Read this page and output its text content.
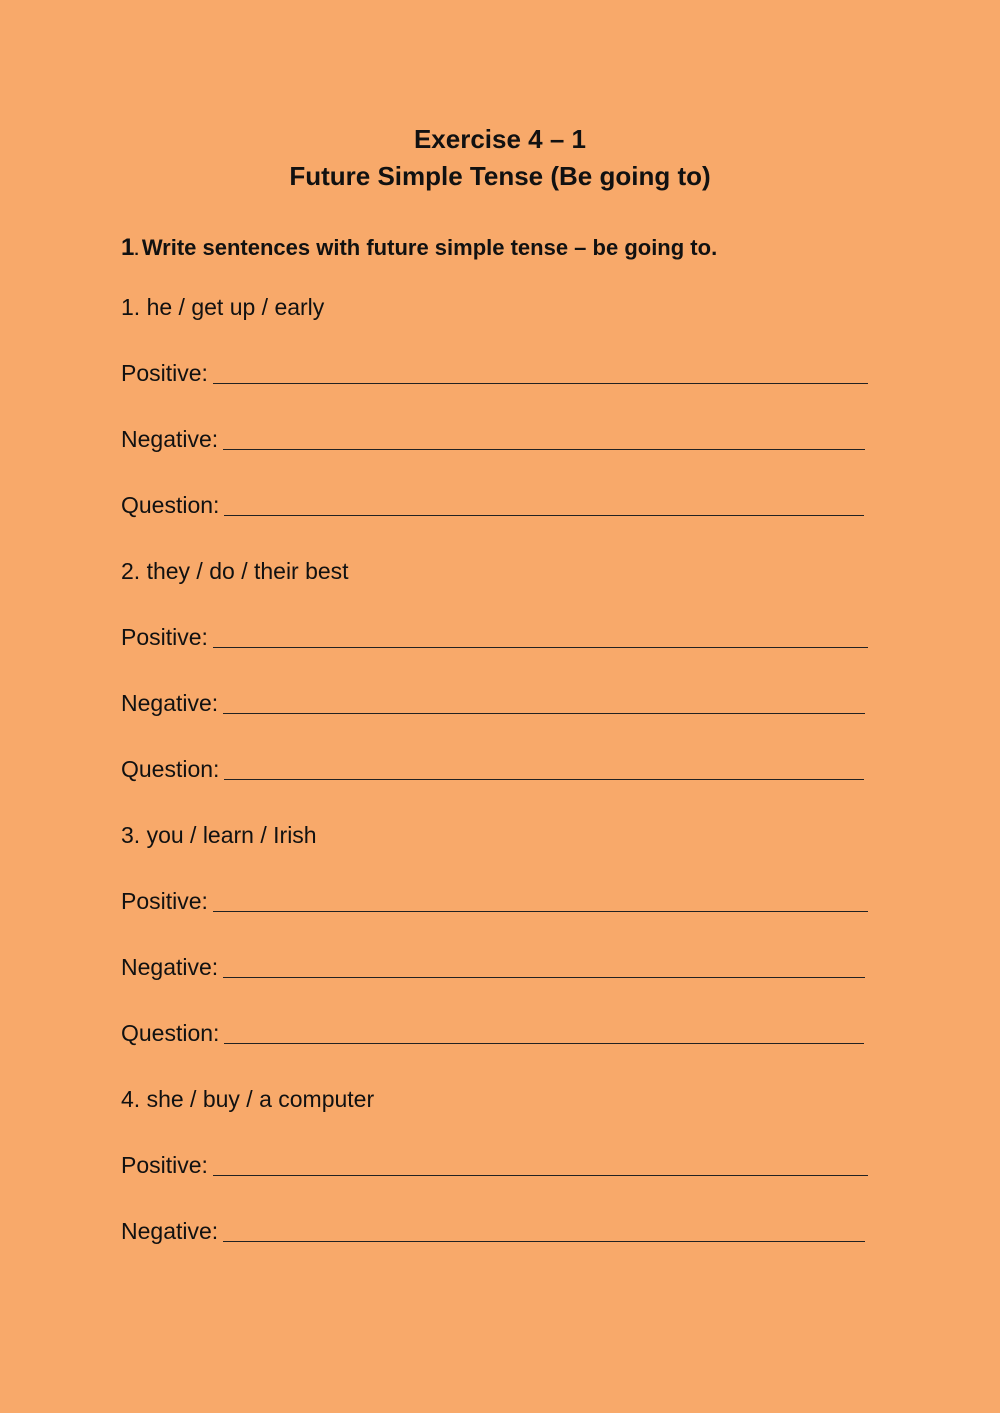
Exercise 4 – 1
Future Simple Tense (Be going to)
1. Write sentences with future simple tense – be going to.
1. he / get up / early
Positive:
Negative:
Question:
2. they / do / their best
Positive:
Negative:
Question:
3. you / learn / Irish
Positive:
Negative:
Question:
4. she / buy / a computer
Positive:
Negative:
